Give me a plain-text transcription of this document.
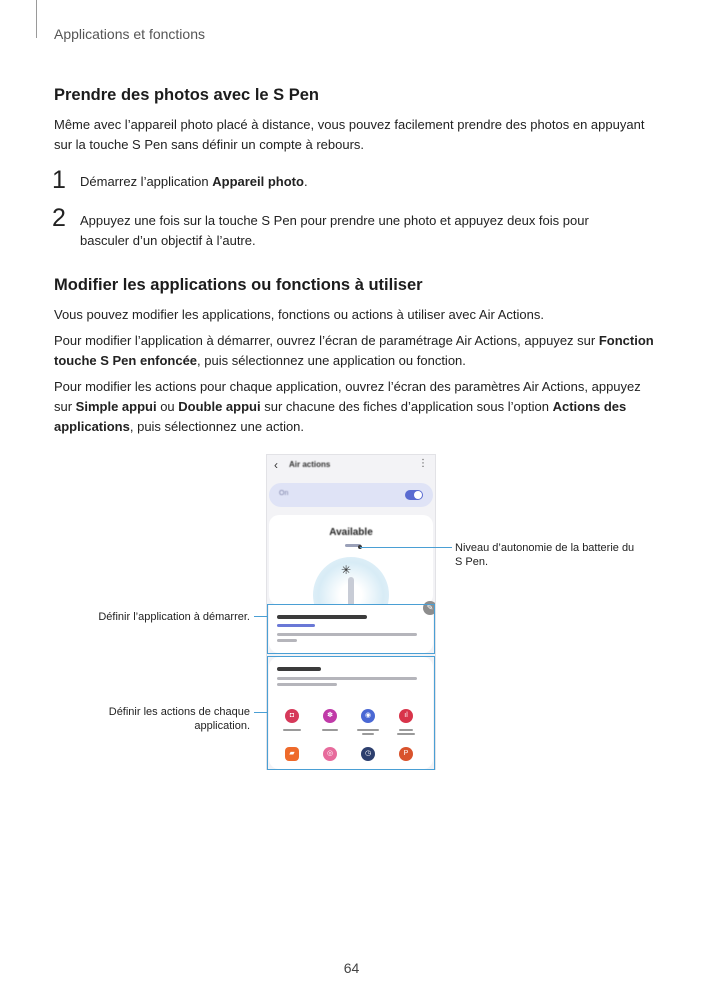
Applications et fonctions
Prendre des photos avec le S Pen
Même avec l’appareil photo placé à distance, vous pouvez facilement prendre des photos en appuyant sur la touche S Pen sans définir un compte à rebours.
1 Démarrez l’application Appareil photo.
2 Appuyez une fois sur la touche S Pen pour prendre une photo et appuyez deux fois pour basculer d’un objectif à l’autre.
Modifier les applications ou fonctions à utiliser
Vous pouvez modifier les applications, fonctions ou actions à utiliser avec Air Actions.
Pour modifier l’application à démarrer, ouvrez l’écran de paramétrage Air Actions, appuyez sur Fonction touche S Pen enfoncée, puis sélectionnez une application ou fonction.
Pour modifier les actions pour chaque application, ouvrez l’écran des paramètres Air Actions, appuyez sur Simple appui ou Double appui sur chacune des fiches d’application sous l’option Actions des applications, puis sélectionnez une action.
‹ Air actions	⋮
On
Available
✳
✎
◘	✽	◉	ıl
▰	◎	◷	P
Niveau d’autonomie de la batterie du S Pen.
Définir l’application à démarrer.
Définir les actions de chaque application.
64
